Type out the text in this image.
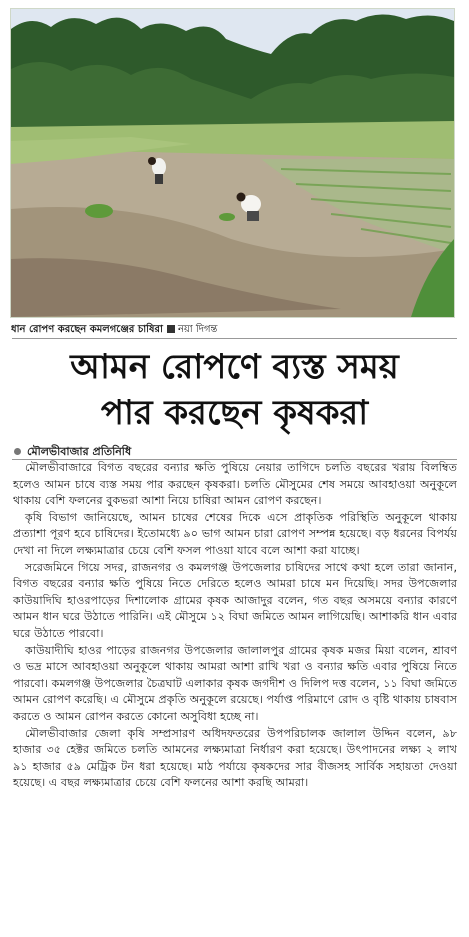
ধান রোপণ করছেন কমলগঞ্জের চাষিরা নয়া দিগন্ত
আমন রোপণে ব্যস্ত সময়
পার করছেন কৃষকরা
মৌলভীবাজার প্রতিনিধি

মৌলভীবাজারে বিগত বছরের বন্যার ক্ষতি পুষিয়ে নেয়ার তাগিদে চলতি বছরের খরায় বিলম্বিত হলেও আমন চাষে ব্যস্ত সময় পার করছেন কৃষকরা। চলতি মৌসুমের শেষ সময়ে আবহাওয়া অনুকূলে থাকায় বেশি ফলনের বুকভরা আশা নিয়ে চাষিরা আমন রোপণ করছেন।

কৃষি বিভাগ জানিয়েছে, আমন চাষের শেষের দিকে এসে প্রাকৃতিক পরিস্থিতি অনুকূলে থাকায় প্রত্যাশা পূরণ হবে চাষিদের। ইতোমধ্যে ৯০ ভাগ আমন চারা রোপণ সম্পন্ন হয়েছে। বড় ধরনের বিপর্যয় দেখা না দিলে লক্ষ্যমাত্রার চেয়ে বেশি ফসল পাওয়া যাবে বলে আশা করা যাচ্ছে।

সরেজমিনে গিয়ে সদর, রাজনগর ও কমলগঞ্জ উপজেলার চাষিদের সাথে কথা হলে তারা জানান, বিগত বছরের বন্যার ক্ষতি পুষিয়ে নিতে দেরিতে হলেও আমরা চাষে মন দিয়েছি। সদর উপজেলার কাউয়াদিঘি হাওরপাড়ের দিশালোক গ্রামের কৃষক আজাদুর বলেন, গত বছর অসময়ে বন্যার কারণে আমন ধান ঘরে উঠাতে পারিনি। এই মৌসুমে ১২ বিঘা জমিতে আমন লাগিয়েছি। আশাকরি ধান এবার ঘরে উঠাতে পারবো।

কাউয়াদীঘি হাওর পাড়ের রাজনগর উপজেলার জালালপুর গ্রামের কৃষক মজর মিয়া বলেন, শ্রাবণ ও ভদ্র মাসে আবহাওয়া অনুকূলে থাকায় আমরা আশা রাখি খরা ও বন্যার ক্ষতি এবার পুষিয়ে নিতে পারবো। কমলগঞ্জ উপজেলার চৈত্রঘাট এলাকার কৃষক জগদীশ ও দিলিপ দত্ত বলেন, ১১ বিঘা জমিতে আমন রোপণ করেছি। এ মৌসুমে প্রকৃতি অনুকূলে রয়েছে। পর্যাপ্ত পরিমাণে রোদ ও বৃষ্টি থাকায় চাষবাস করতে ও আমন রোপন করতে কোনো অসুবিধা হচ্ছে না।

মৌলভীবাজার জেলা কৃষি সম্প্রসারণ অধিদফতরের উপপরিচালক জালাল উদ্দিন বলেন, ৯৮ হাজার ৩৫ হেক্টর জমিতে চলতি আমনের লক্ষ্যমাত্রা নির্ধারণ করা হয়েছে। উৎপাদনের লক্ষ্য ২ লাখ ৯১ হাজার ৫৯ মেট্রিক টন ধরা হয়েছে। মাঠ পর্যায়ে কৃষকদের সার বীজসহ সার্বিক সহায়তা দেওয়া হয়েছে। এ বছর লক্ষ্যমাত্রার চেয়ে বেশি ফলনের আশা করছি আমরা।
